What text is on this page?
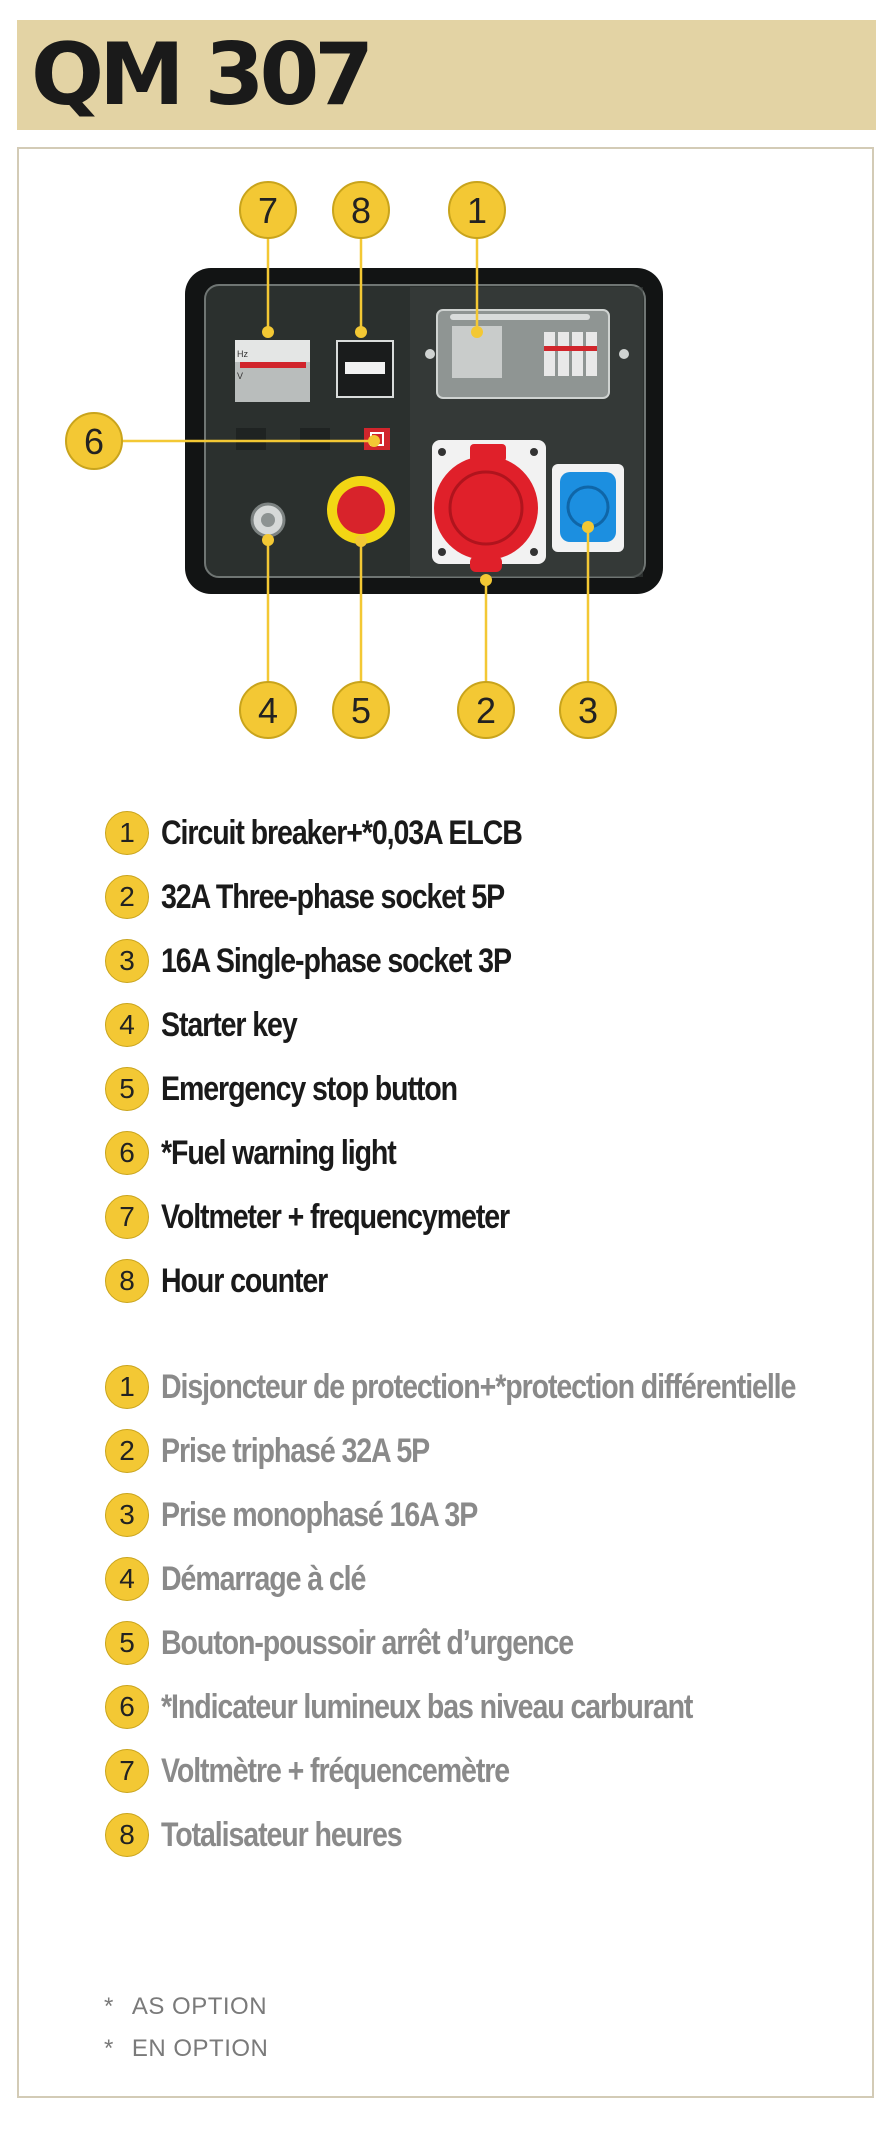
QM 307
Hz
V
7 8	1
6
4 5	2 3
1 Circuit breaker+*0,03A ELCB
2 32A Three-phase socket 5P
3 16A Single-phase socket 3P
4 Starter key
5 Emergency stop button
6 *Fuel warning light
7 Voltmeter + frequencymeter
8 Hour counter
1 Disjoncteur de protection+*protection différentielle
2 Prise triphasé 32A 5P
3 Prise monophasé 16A 3P
4 Démarrage à clé
5 Bouton-poussoir arrêt d’urgence
6 *Indicateur lumineux bas niveau carburant
7 Voltmètre + fréquencemètre
8 Totalisateur heures
* AS OPTION
* EN OPTION
